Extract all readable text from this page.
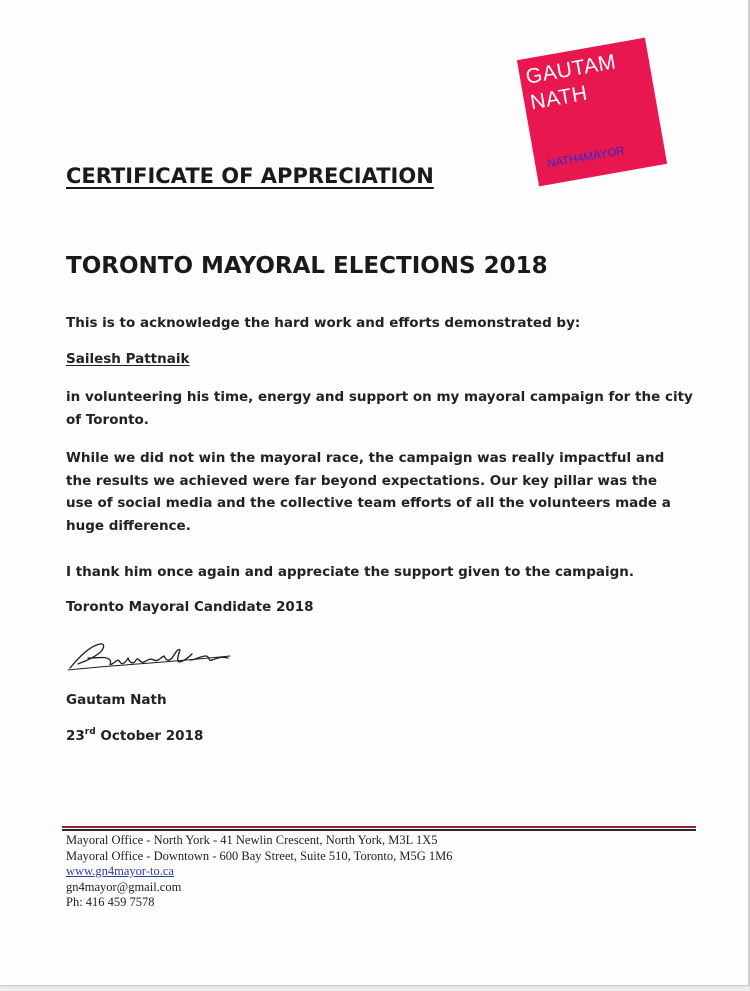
GAUTAM
NATH
NATH4MAYOR
CERTIFICATE OF APPRECIATION
TORONTO MAYORAL ELECTIONS 2018
This is to acknowledge the hard work and efforts demonstrated by:
Sailesh Pattnaik
in volunteering his time, energy and support on my mayoral campaign for the city of Toronto.
While we did not win the mayoral race, the campaign was really impactful and the results we achieved were far beyond expectations. Our key pillar was the use of social media and the collective team efforts of all the volunteers made a huge difference.
I thank him once again and appreciate the support given to the campaign.
Toronto Mayoral Candidate 2018
Gautam Nath
23rd October 2018
Mayoral Office - North York - 41 Newlin Crescent, North York, M3L 1X5
Mayoral Office - Downtown - 600 Bay Street, Suite 510, Toronto, M5G 1M6
www.gn4mayor-to.ca
gn4mayor@gmail.com
Ph: 416 459 7578
